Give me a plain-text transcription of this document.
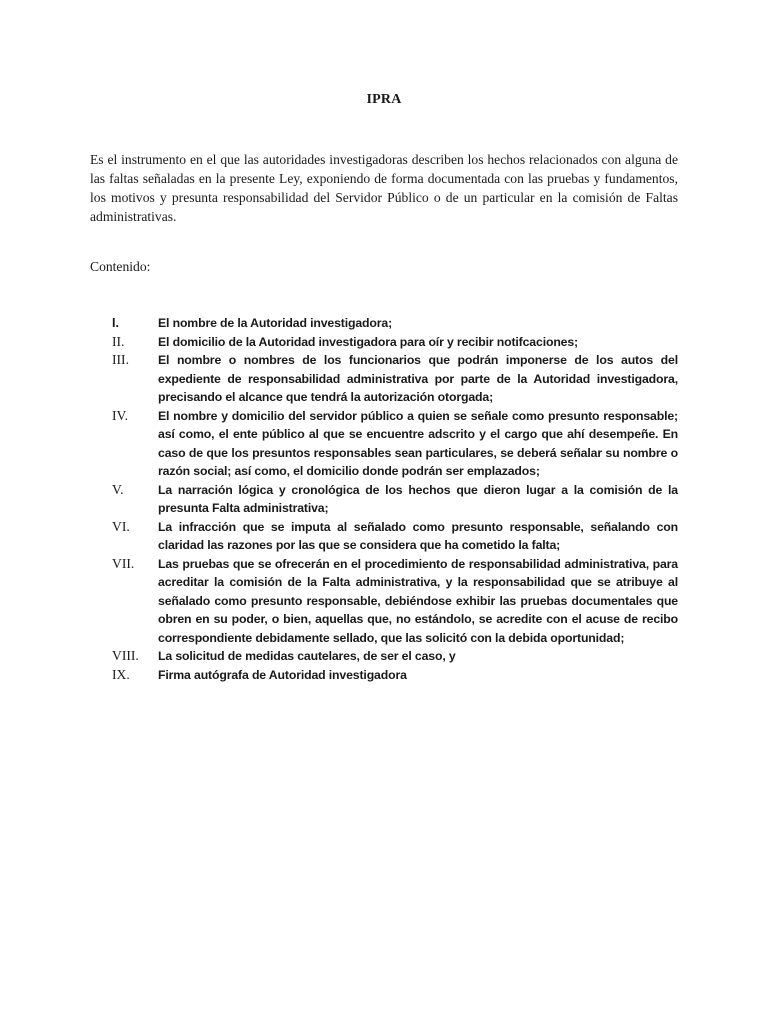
IPRA

Es el instrumento en el que las autoridades investigadoras describen los hechos relacionados con alguna de las faltas señaladas en la presente Ley, exponiendo de forma documentada con las pruebas y fundamentos, los motivos y presunta responsabilidad del Servidor Público o de un particular en la comisión de Faltas administrativas.

Contenido:

I.	El nombre de la Autoridad investigadora;
II.	El domicilio de la Autoridad investigadora para oír y recibir notifcaciones;
III.	El nombre o nombres de los funcionarios que podrán imponerse de los autos del expediente de responsabilidad administrativa por parte de la Autoridad investigadora, precisando el alcance que tendrá la autorización otorgada;
IV.	El nombre y domicilio del servidor público a quien se señale como presunto responsable; así como, el ente público al que se encuentre adscrito y el cargo que ahí desempeñe. En caso de que los presuntos responsables sean particulares, se deberá señalar su nombre o razón social; así como, el domicilio donde podrán ser emplazados;
V.	La narración lógica y cronológica de los hechos que dieron lugar a la comisión de la presunta Falta administrativa;
VI.	La infracción que se imputa al señalado como presunto responsable, señalando con claridad las razones por las que se considera que ha cometido la falta;
VII.	Las pruebas que se ofrecerán en el procedimiento de responsabilidad administrativa, para acreditar la comisión de la Falta administrativa, y la responsabilidad que se atribuye al señalado como presunto responsable, debiéndose exhibir las pruebas documentales que obren en su poder, o bien, aquellas que, no estándolo, se acredite con el acuse de recibo correspondiente debidamente sellado, que las solicitó con la debida oportunidad;
VIII.	La solicitud de medidas cautelares, de ser el caso, y
IX.	Firma autógrafa de Autoridad investigadora
